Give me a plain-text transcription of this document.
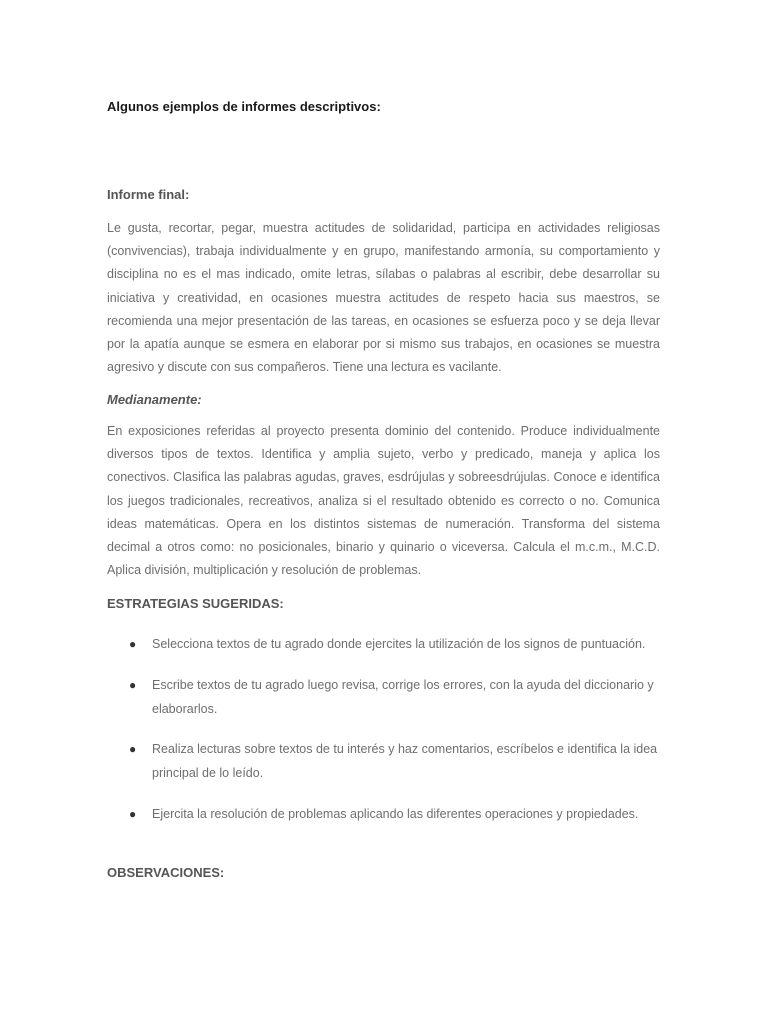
Algunos ejemplos de informes descriptivos:
Informe final:

Le gusta, recortar, pegar, muestra actitudes de solidaridad, participa en actividades religiosas (convivencias), trabaja individualmente y en grupo, manifestando armonía, su comportamiento y disciplina no es el mas indicado, omite letras, sílabas o palabras al escribir, debe desarrollar su iniciativa y creatividad, en ocasiones muestra actitudes de respeto hacia sus maestros, se recomienda una mejor presentación de las tareas, en ocasiones se esfuerza poco y se deja llevar por la apatía aunque se esmera en elaborar por si mismo sus trabajos, en ocasiones se muestra agresivo y discute con sus compañeros. Tiene una lectura es vacilante.

Medianamente:

En exposiciones referidas al proyecto presenta dominio del contenido. Produce individualmente diversos tipos de textos. Identifica y amplia sujeto, verbo y predicado, maneja y aplica los conectivos. Clasifica las palabras agudas, graves, esdrújulas y sobreesdrújulas. Conoce e identifica los juegos tradicionales, recreativos, analiza si el resultado obtenido es correcto o no. Comunica ideas matemáticas. Opera en los distintos sistemas de numeración. Transforma del sistema decimal a otros como: no posicionales, binario y quinario o viceversa. Calcula el m.c.m., M.C.D. Aplica división, multiplicación y resolución de problemas.

ESTRATEGIAS SUGERIDAS:
● Selecciona textos de tu agrado donde ejercites la utilización de los signos de puntuación.
● Escribe textos de tu agrado luego revisa, corrige los errores, con la ayuda del diccionario y elaborarlos.
● Realiza lecturas sobre textos de tu interés y haz comentarios, escríbelos e identifica la idea principal de lo leído.
● Ejercita la resolución de problemas aplicando las diferentes operaciones y propiedades.
OBSERVACIONES:
